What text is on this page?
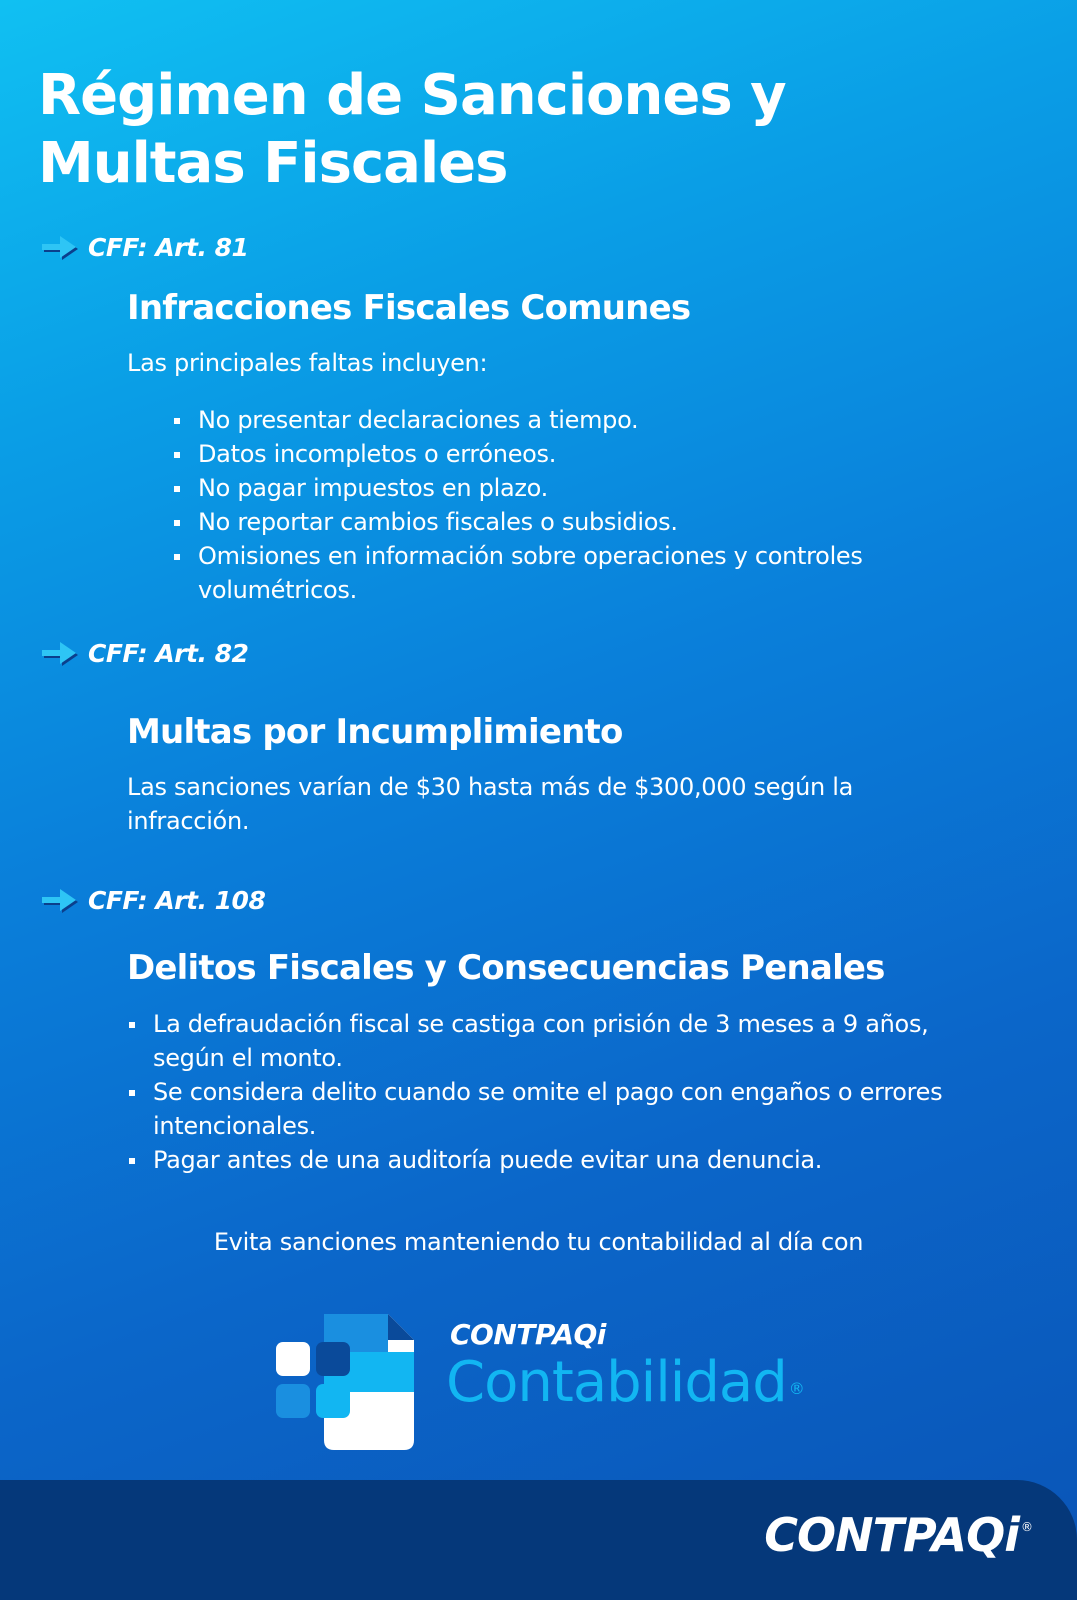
Régimen de Sanciones y
Multas Fiscales
CFF: Art. 81
Infracciones Fiscales Comunes

Las principales faltas incluyen:

No presentar declaraciones a tiempo.
Datos incompletos o erróneos.
No pagar impuestos en plazo.
No reportar cambios fiscales o subsidios.
Omisiones en información sobre operaciones y controles volumétricos.
CFF: Art. 82
Multas por Incumplimiento

Las sanciones varían de $30 hasta más de $300,000 según la infracción.

CFF: Art. 108
Delitos Fiscales y Consecuencias Penales
La defraudación fiscal se castiga con prisión de 3 meses a 9 años, según el monto.
Se considera delito cuando se omite el pago con engaños o errores intencionales.
Pagar antes de una auditoría puede evitar una denuncia.
Evita sanciones manteniendo tu contabilidad al día con
CONTPAQi
Contabilidad ®
CONTPAQi ®
